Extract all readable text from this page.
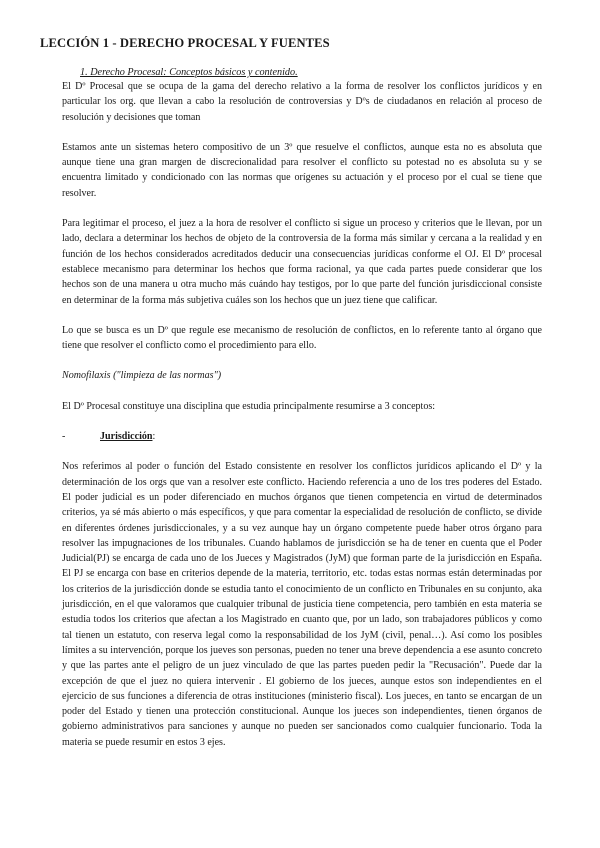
LECCIÓN 1 - DERECHO PROCESAL Y FUENTES

1. Derecho Procesal: Conceptos básicos y contenido.

El Dº Procesal que se ocupa de la gama del derecho relativo a la forma de resolver los conflictos jurídicos y en particular los org. que llevan a cabo la resolución de controversias y Dºs de ciudadanos en relación al proceso de resolución y decisiones que toman

Estamos ante un sistemas hetero compositivo de un 3º que resuelve el conflictos, aunque esta no es absoluta que aunque tiene una gran margen de discrecionalidad para resolver el conflicto su potestad no es absoluta su y se encuentra limitado y condicionado con las normas que orígenes su actuación y el proceso por el cual se tiene que resolver.

Para legitimar el proceso, el juez a la hora de resolver el conflicto si sigue un proceso y criterios que le llevan, por un lado, declara a determinar los hechos de objeto de la controversia de la forma más similar y cercana a la realidad y en función de los hechos considerados acreditados deducir una consecuencias jurídicas conforme el OJ. El Dº procesal establece mecanismo para determinar los hechos que forma racional, ya que cada partes puede considerar que los hechos son de una manera u otra mucho más cuándo hay testigos, por lo que parte del función jurisdiccional consiste en determinar de la forma más subjetiva cuáles son los hechos que un juez tiene que calificar.

Lo que se busca es un Dº que regule ese mecanismo de resolución de conflictos, en lo referente tanto al órgano que tiene que resolver el conflicto como el procedimiento para ello.

Nomofilaxis ("limpieza de las normas")

El Dº Procesal constituye una disciplina que estudia principalmente resumirse a 3 conceptos:

-	Jurisdicción:

Nos referimos al poder o función del Estado consistente en resolver los conflictos jurídicos aplicando el Dº y la determinación de los orgs que van a resolver este conflicto. Haciendo referencia a uno de los tres poderes del Estado. El poder judicial es un poder diferenciado en muchos órganos que tienen competencia en virtud de determinados criterios, ya sé más abierto o más específicos, y que para comentar la especialidad de resolución de conflicto, se divide en diferentes órdenes jurisdiccionales, y a su vez aunque hay un órgano competente puede haber otros órgano para resolver las impugnaciones de los tribunales. Cuando hablamos de jurisdicción se ha de tener en cuenta que el Poder Judicial(PJ) se encarga de cada uno de los Jueces y Magistrados (JyM) que forman parte de la jurisdicción en España. El PJ se encarga con base en criterios depende de la materia, territorio, etc. todas estas normas están determinadas por los criterios de la jurisdicción donde se estudia tanto el conocimiento de un conflicto en Tribunales en su conjunto, aka jurisdicción, en el que valoramos que cualquier tribunal de justicia tiene competencia, pero también en esta materia se estudia todos los criterios que afectan a los Magistrado en cuanto que, por un lado, son trabajadores públicos y como tal tienen un estatuto, con reserva legal como la responsabilidad de los JyM (civil, penal…). Así como los posibles límites a su intervención, porque los jueves son personas, pueden no tener una breve dependencia a ese asunto concreto y que las partes ante el peligro de un juez vinculado de que las partes pueden pedir la "Recusación". Puede dar la excepción de que el juez no quiera intervenir . El gobierno de los jueces, aunque estos son independientes en el ejercicio de sus funciones a diferencia de otras instituciones (ministerio fiscal). Los jueces, en tanto se encargan de un poder del Estado y tienen una protección constitucional. Aunque los jueces son independientes, tienen órganos de gobierno administrativos para sanciones y aunque no pueden ser sancionados como cualquier funcionario. Toda la materia se puede resumir en estos 3 ejes.
